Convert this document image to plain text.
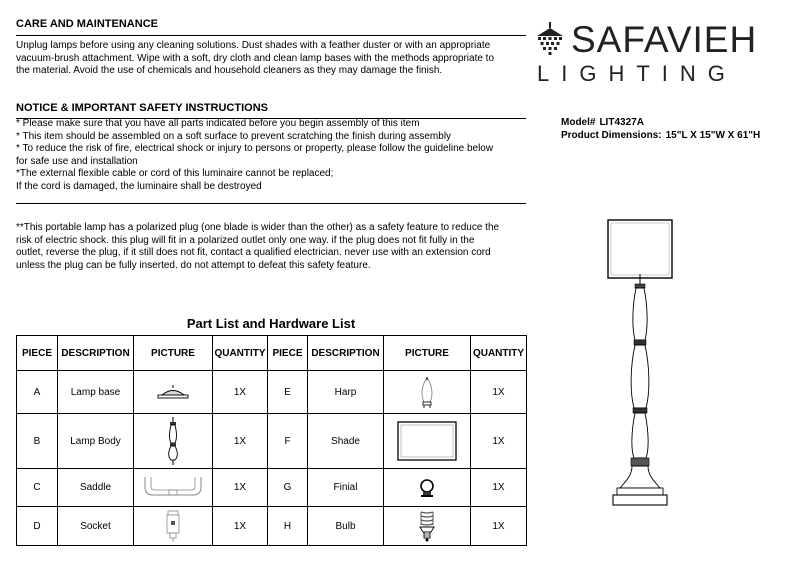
CARE AND MAINTENANCE

Unplug lamps before using any cleaning solutions. Dust shades with a feather duster or with an appropriate

vacuum-brush attachment. Wipe with a soft, dry cloth and clean lamp bases with the methods appropriate to

the material. Avoid the use of chemicals and household cleaners as they may damage the finish.

NOTICE & IMPORTANT SAFETY INSTRUCTIONS

* Please make sure that you have all parts indicated before you begin assembly of this item

* This item should be assembled on a soft surface to prevent scratching the finish during assembly

* To reduce the risk of fire, electrical shock or injury to persons or property, please follow the guideline below

for safe use and installation

*The external flexible cable or cord of this luminaire cannot be replaced;

If the cord is damaged, the luminaire shall be destroyed

**This portable lamp has a polarized plug (one blade is wider than the other) as a safety feature to reduce the

risk of electric shock. this plug will fit in a polarized outlet only one way. if the plug does not fit fully in the

outlet, reverse the plug, if it still does not fit, contact a qualified electrician. never use with an extension cord

unless the plug can be fully inserted. do not attempt to defeat this safety feature.

Part List and Hardware List
PIECE	DESCRIPTION	PICTURE	QUANTITY	PIECE	DESCRIPTION	PICTURE	QUANTITY
A	Lamp base		1X	E	Harp		1X
B	Lamp Body		1X	F	Shade		1X
C	Saddle		1X	G	Finial		1X
D	Socket		1X	H	Bulb		1X
SAFAVIEH
LIGHTING
Model# LIT4327A
Product Dimensions: 15"L X 15"W X 61"H
